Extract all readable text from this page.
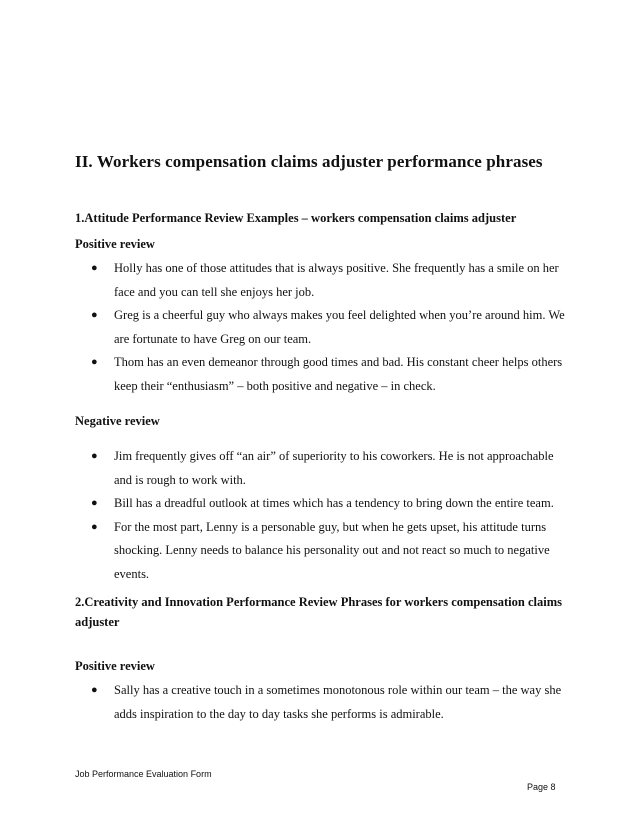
II. Workers compensation claims adjuster performance phrases
1.Attitude Performance Review Examples – workers compensation claims adjuster
Positive review
● Holly has one of those attitudes that is always positive. She frequently has a smile on her face and you can tell she enjoys her job.
● Greg is a cheerful guy who always makes you feel delighted when you’re around him. We are fortunate to have Greg on our team.
● Thom has an even demeanor through good times and bad. His constant cheer helps others keep their “enthusiasm” – both positive and negative – in check.
Negative review
● Jim frequently gives off “an air” of superiority to his coworkers. He is not approachable and is rough to work with.
● Bill has a dreadful outlook at times which has a tendency to bring down the entire team.
● For the most part, Lenny is a personable guy, but when he gets upset, his attitude turns shocking. Lenny needs to balance his personality out and not react so much to negative events.
2.Creativity and Innovation Performance Review Phrases for workers compensation claims
adjuster
Positive review
● Sally has a creative touch in a sometimes monotonous role within our team – the way she adds inspiration to the day to day tasks she performs is admirable.
Job Performance Evaluation Form
Page 8
